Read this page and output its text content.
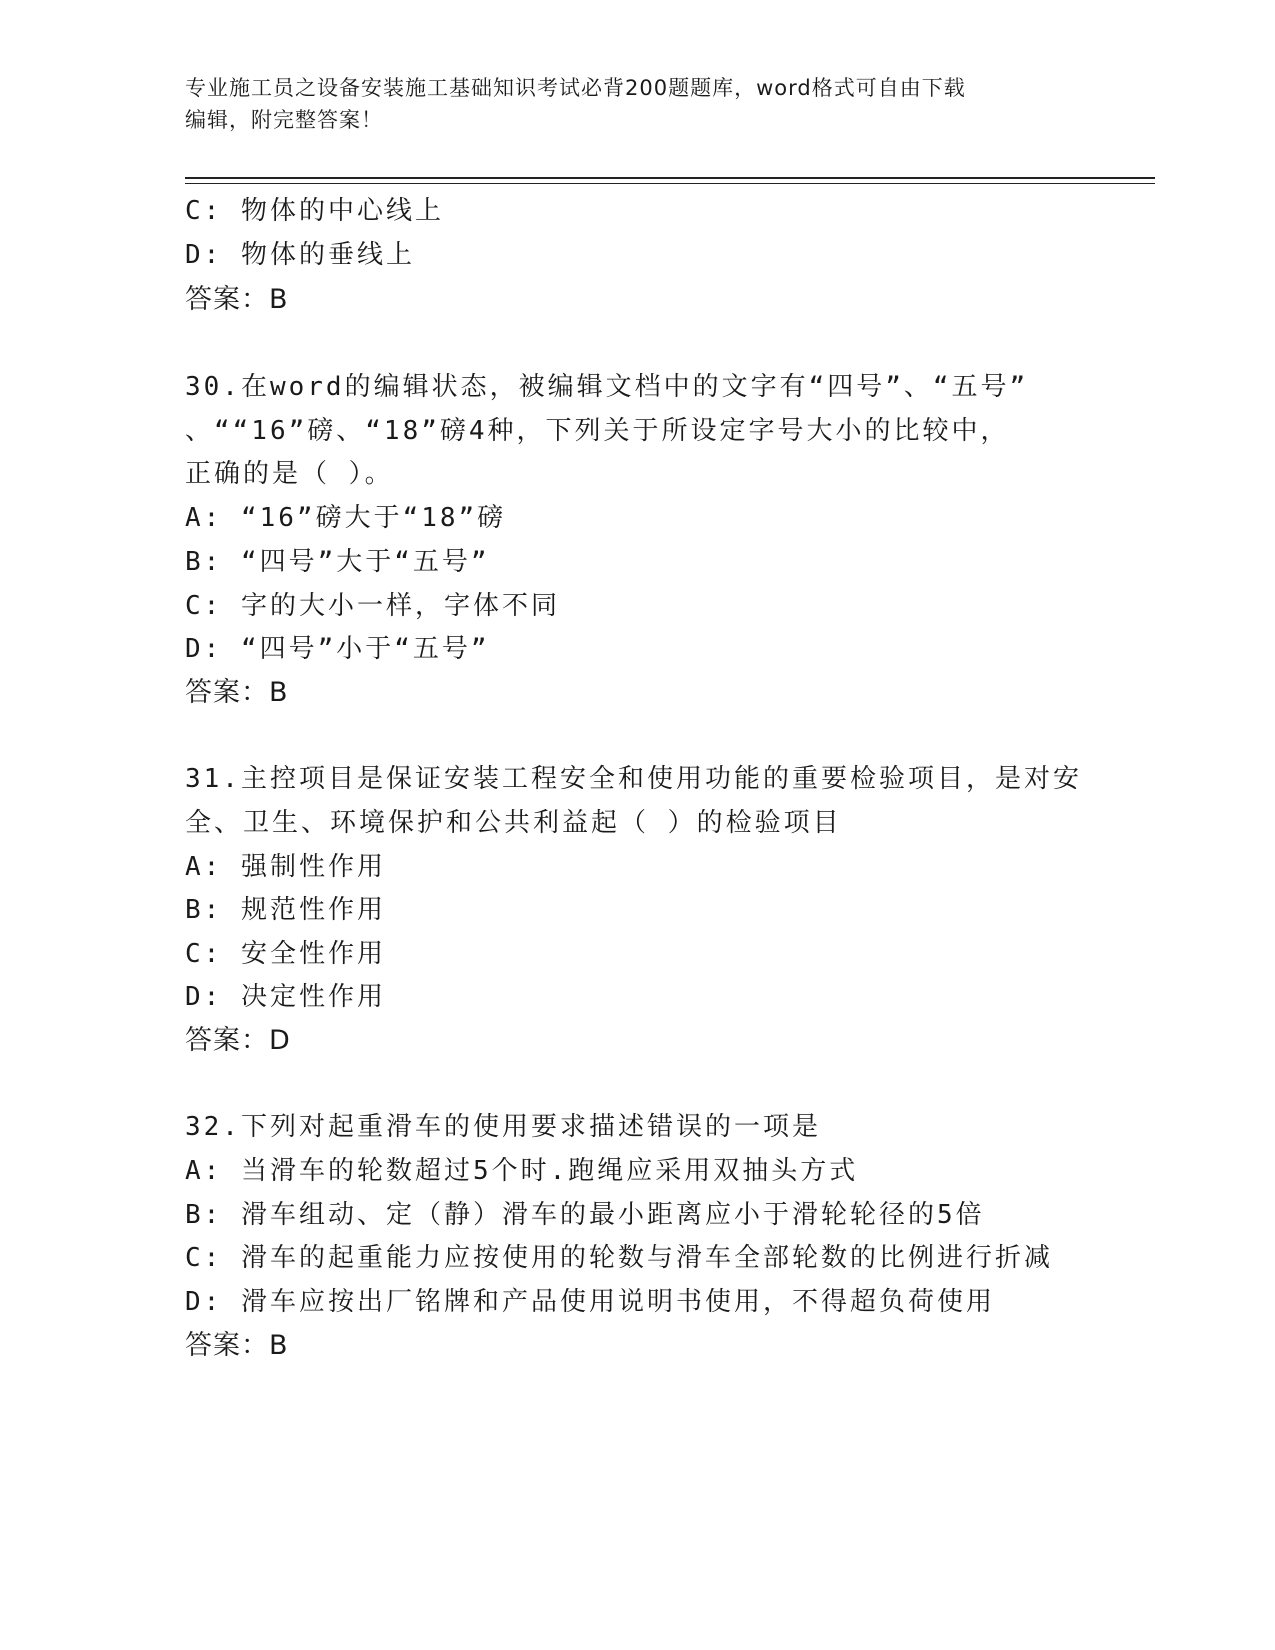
专业施工员之设备安装施工基础知识考试必背200题题库，word格式可自由下载
编辑，附完整答案！
C: 物体的中心线上
D: 物体的垂线上
答案：B
30.在word的编辑状态，被编辑文档中的文字有“四号”、“五号”
、““16”磅、“18”磅4种，下列关于所设定字号大小的比较中，
正确的是（ ）。
A: “16”磅大于“18”磅
B: “四号”大于“五号”
C: 字的大小一样，字体不同
D: “四号”小于“五号”
答案：B
31.主控项目是保证安装工程安全和使用功能的重要检验项目，是对安
全、卫生、环境保护和公共利益起（ ）的检验项目
A: 强制性作用
B: 规范性作用
C: 安全性作用
D: 决定性作用
答案：D
32.下列对起重滑车的使用要求描述错误的一项是
A: 当滑车的轮数超过5个时.跑绳应采用双抽头方式
B: 滑车组动、定（静）滑车的最小距离应小于滑轮轮径的5倍
C: 滑车的起重能力应按使用的轮数与滑车全部轮数的比例进行折减
D: 滑车应按出厂铭牌和产品使用说明书使用，不得超负荷使用
答案：B
